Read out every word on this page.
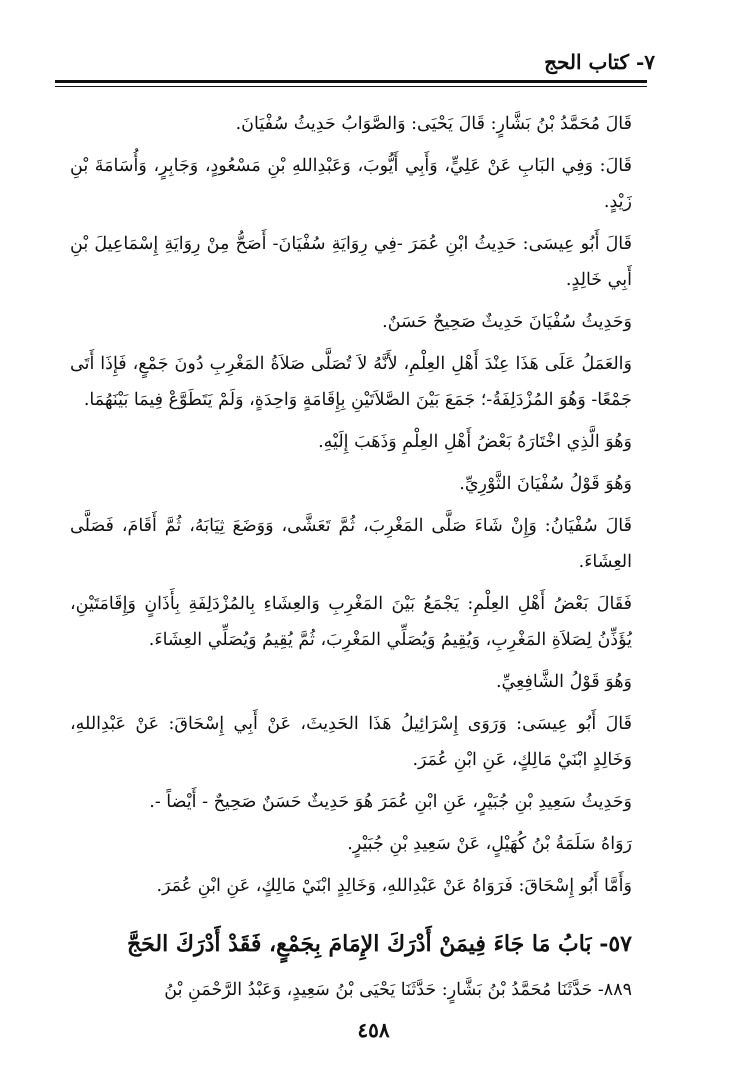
٧- كتاب الحج

قَالَ مُحَمَّدُ بْنُ بَشَّارٍ: قَالَ يَحْيَى: وَالصَّوَابُ حَدِيثُ سُفْيَانَ.

قَالَ: وَفِي البَابِ عَنْ عَلِيٍّ، وَأَبِي أَيُّوبَ، وَعَبْدِاللهِ بْنِ مَسْعُودٍ، وَجَابِرٍ، وَأُسَامَةَ بْنِ زَيْدٍ.

قَالَ أَبُو عِيسَى: حَدِيثُ ابْنِ عُمَرَ -فِي رِوَايَةِ سُفْيَانَ- أَصَحُّ مِنْ رِوَايَةِ إِسْمَاعِيلَ بْنِ أَبِي خَالِدٍ.

وَحَدِيثُ سُفْيَانَ حَدِيثٌ صَحِيحٌ حَسَنٌ.

وَالعَمَلُ عَلَى هَذَا عِنْدَ أَهْلِ العِلْمِ، لأَنَّهُ لاَ تُصَلَّى صَلاَةُ المَغْرِبِ دُونَ جَمْعٍ، فَإِذَا أَتَى جَمْعًا- وَهُوَ المُزْدَلِفَةُ-؛ جَمَعَ بَيْنَ الصَّلاَتَيْنِ بِإِقَامَةٍ وَاحِدَةٍ، وَلَمْ يَتَطَوَّعْ فِيمَا بَيْنَهُمَا.

وَهُوَ الَّذِي اخْتَارَهُ بَعْضُ أَهْلِ العِلْمِ وَذَهَبَ إِلَيْهِ.

وَهُوَ قَوْلُ سُفْيَانَ الثَّوْرِيِّ.

قَالَ سُفْيَانُ: وَإِنْ شَاءَ صَلَّى المَغْرِبَ، ثُمَّ تَعَشَّى، وَوَضَعَ ثِيَابَهُ، ثُمَّ أَقَامَ، فَصَلَّى العِشَاءَ.

فَقَالَ بَعْضُ أَهْلِ العِلْمِ: يَجْمَعُ بَيْنَ المَغْرِبِ وَالعِشَاءِ بِالمُزْدَلِفَةِ بِأَذَانٍ وَإِقَامَتَيْنِ، يُؤَذِّنُ لِصَلاَةِ المَغْرِبِ، وَيُقِيمُ وَيُصَلِّي المَغْرِبَ، ثُمَّ يُقِيمُ وَيُصَلِّي العِشَاءَ.

وَهُوَ قَوْلُ الشَّافِعِيِّ.

قَالَ أَبُو عِيسَى: وَرَوَى إِسْرَائِيلُ هَذَا الحَدِيثَ، عَنْ أَبِي إِسْحَاقَ: عَنْ عَبْدِاللهِ، وَخَالِدٍ ابْنَيْ مَالِكٍ، عَنِ ابْنِ عُمَرَ.

وَحَدِيثُ سَعِيدِ بْنِ جُبَيْرٍ، عَنِ ابْنِ عُمَرَ هُوَ حَدِيثٌ حَسَنٌ صَحِيحٌ - أَيْضاً -.

رَوَاهُ سَلَمَةُ بْنُ كُهَيْلٍ، عَنْ سَعِيدِ بْنِ جُبَيْرٍ.

وَأَمَّا أَبُو إِسْحَاقَ: فَرَوَاهُ عَنْ عَبْدِاللهِ، وَخَالِدٍ ابْنَيْ مَالِكٍ، عَنِ ابْنِ عُمَرَ.

٥٧- بَابُ مَا جَاءَ فِيمَنْ أَدْرَكَ الإِمَامَ بِجَمْعٍ، فَقَدْ أَدْرَكَ الحَجَّ

٨٨٩- حَدَّثَنَا مُحَمَّدُ بْنُ بَشَّارٍ: حَدَّثَنَا يَحْيَى بْنُ سَعِيدٍ، وَعَبْدُ الرَّحْمَنِ بْنُ

٤٥٨
